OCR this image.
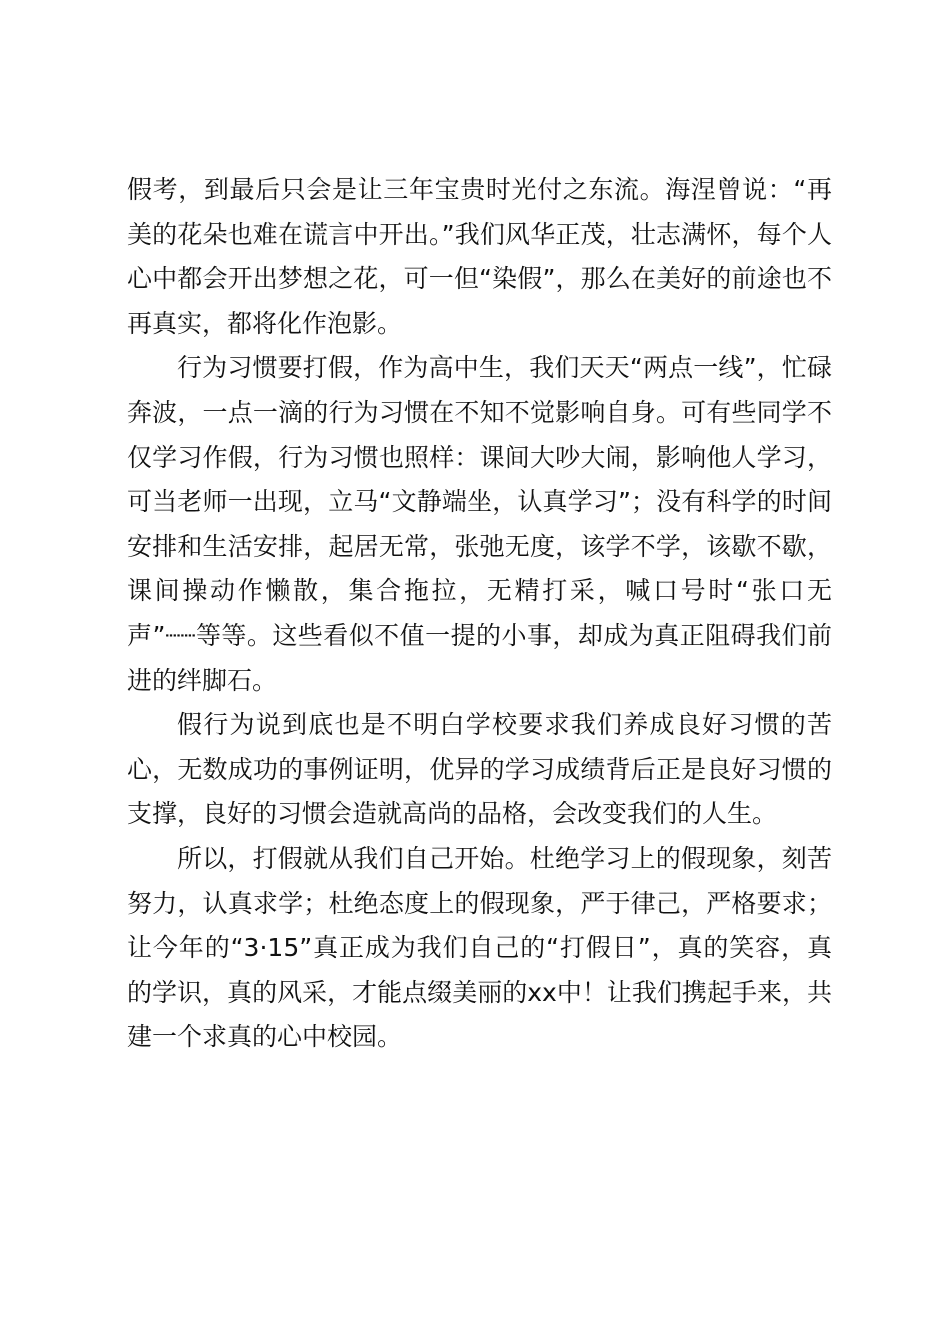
假考，到最后只会是让三年宝贵时光付之东流。海涅曾说：“再美的花朵也难在谎言中开出。”我们风华正茂，壮志满怀，每个人心中都会开出梦想之花，可一但“染假”，那么在美好的前途也不再真实，都将化作泡影。

行为习惯要打假，作为高中生，我们天天“两点一线”，忙碌奔波，一点一滴的行为习惯在不知不觉影响自身。可有些同学不仅学习作假，行为习惯也照样：课间大吵大闹，影响他人学习，可当老师一出现，立马“文静端坐，认真学习”；没有科学的时间安排和生活安排，起居无常，张弛无度，该学不学，该歇不歇，课间操动作懒散，集合拖拉，无精打采，喊口号时“张口无声”┈┈等等。这些看似不值一提的小事，却成为真正阻碍我们前进的绊脚石。

假行为说到底也是不明白学校要求我们养成良好习惯的苦心，无数成功的事例证明，优异的学习成绩背后正是良好习惯的支撑，良好的习惯会造就高尚的品格，会改变我们的人生。

所以，打假就从我们自己开始。杜绝学习上的假现象，刻苦努力，认真求学；杜绝态度上的假现象，严于律己，严格要求；让今年的“3·15”真正成为我们自己的“打假日”，真的笑容，真的学识，真的风采，才能点缀美丽的xx中！让我们携起手来，共建一个求真的心中校园。
